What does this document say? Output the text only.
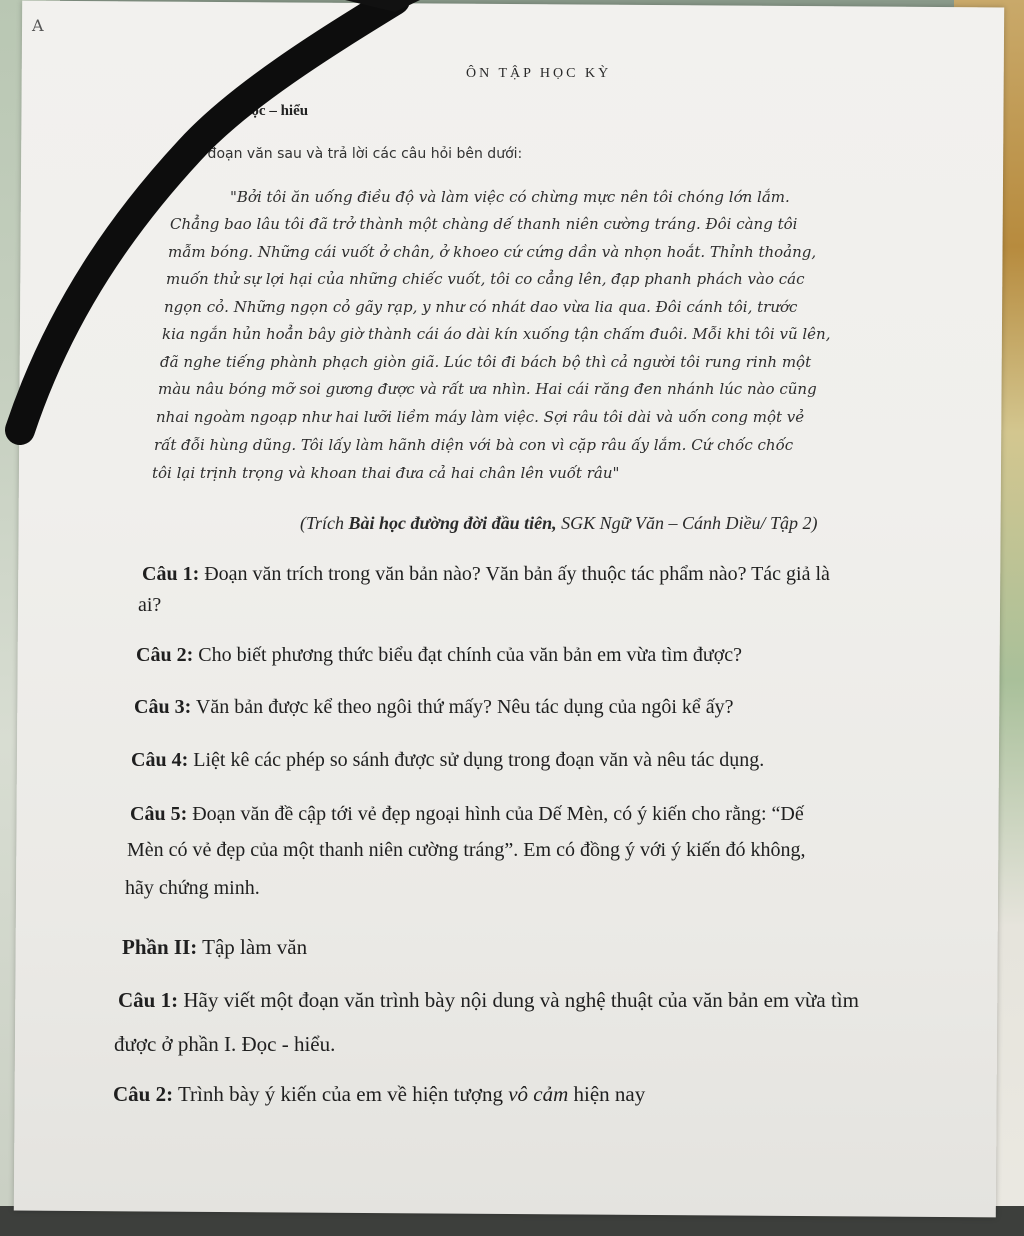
A
ÔN TẬP HỌC KỲ
I: Đọc – hiểu
Đọc đoạn văn sau và trả lời các câu hỏi bên dưới:
"Bởi tôi ăn uống điều độ và làm việc có chừng mực nên tôi chóng lớn lắm.
Chẳng bao lâu tôi đã trở thành một chàng dế thanh niên cường tráng. Đôi càng tôi
mẫm bóng. Những cái vuốt ở chân, ở khoeo cứ cứng dần và nhọn hoắt. Thỉnh thoảng,
muốn thử sự lợi hại của những chiếc vuốt, tôi co cẳng lên, đạp phanh phách vào các
ngọn cỏ. Những ngọn cỏ gãy rạp, y như có nhát dao vừa lia qua. Đôi cánh tôi, trước
kia ngắn hủn hoẳn bây giờ thành cái áo dài kín xuống tận chấm đuôi. Mỗi khi tôi vũ lên,
đã nghe tiếng phành phạch giòn giã. Lúc tôi đi bách bộ thì cả người tôi rung rinh một
màu nâu bóng mỡ soi gương được và rất ưa nhìn. Hai cái răng đen nhánh lúc nào cũng
nhai ngoàm ngoạp như hai lưỡi liềm máy làm việc. Sợi râu tôi dài và uốn cong một vẻ
rất đỗi hùng dũng. Tôi lấy làm hãnh diện với bà con vì cặp râu ấy lắm. Cứ chốc chốc
tôi lại trịnh trọng và khoan thai đưa cả hai chân lên vuốt râu"
(Trích Bài học đường đời đầu tiên, SGK Ngữ Văn – Cánh Diều/ Tập 2)
Câu 1: Đoạn văn trích trong văn bản nào? Văn bản ấy thuộc tác phẩm nào? Tác giả là
ai?
Câu 2: Cho biết phương thức biểu đạt chính của văn bản em vừa tìm được?
Câu 3: Văn bản được kể theo ngôi thứ mấy? Nêu tác dụng của ngôi kể ấy?
Câu 4: Liệt kê các phép so sánh được sử dụng trong đoạn văn và nêu tác dụng.
Câu 5: Đoạn văn đề cập tới vẻ đẹp ngoại hình của Dế Mèn, có ý kiến cho rằng: “Dế
Mèn có vẻ đẹp của một thanh niên cường tráng”. Em có đồng ý với ý kiến đó không,
hãy chứng minh.
Phần II: Tập làm văn
Câu 1: Hãy viết một đoạn văn trình bày nội dung và nghệ thuật của văn bản em vừa tìm
được ở phần I. Đọc - hiểu.
Câu 2: Trình bày ý kiến của em về hiện tượng vô cảm hiện nay
